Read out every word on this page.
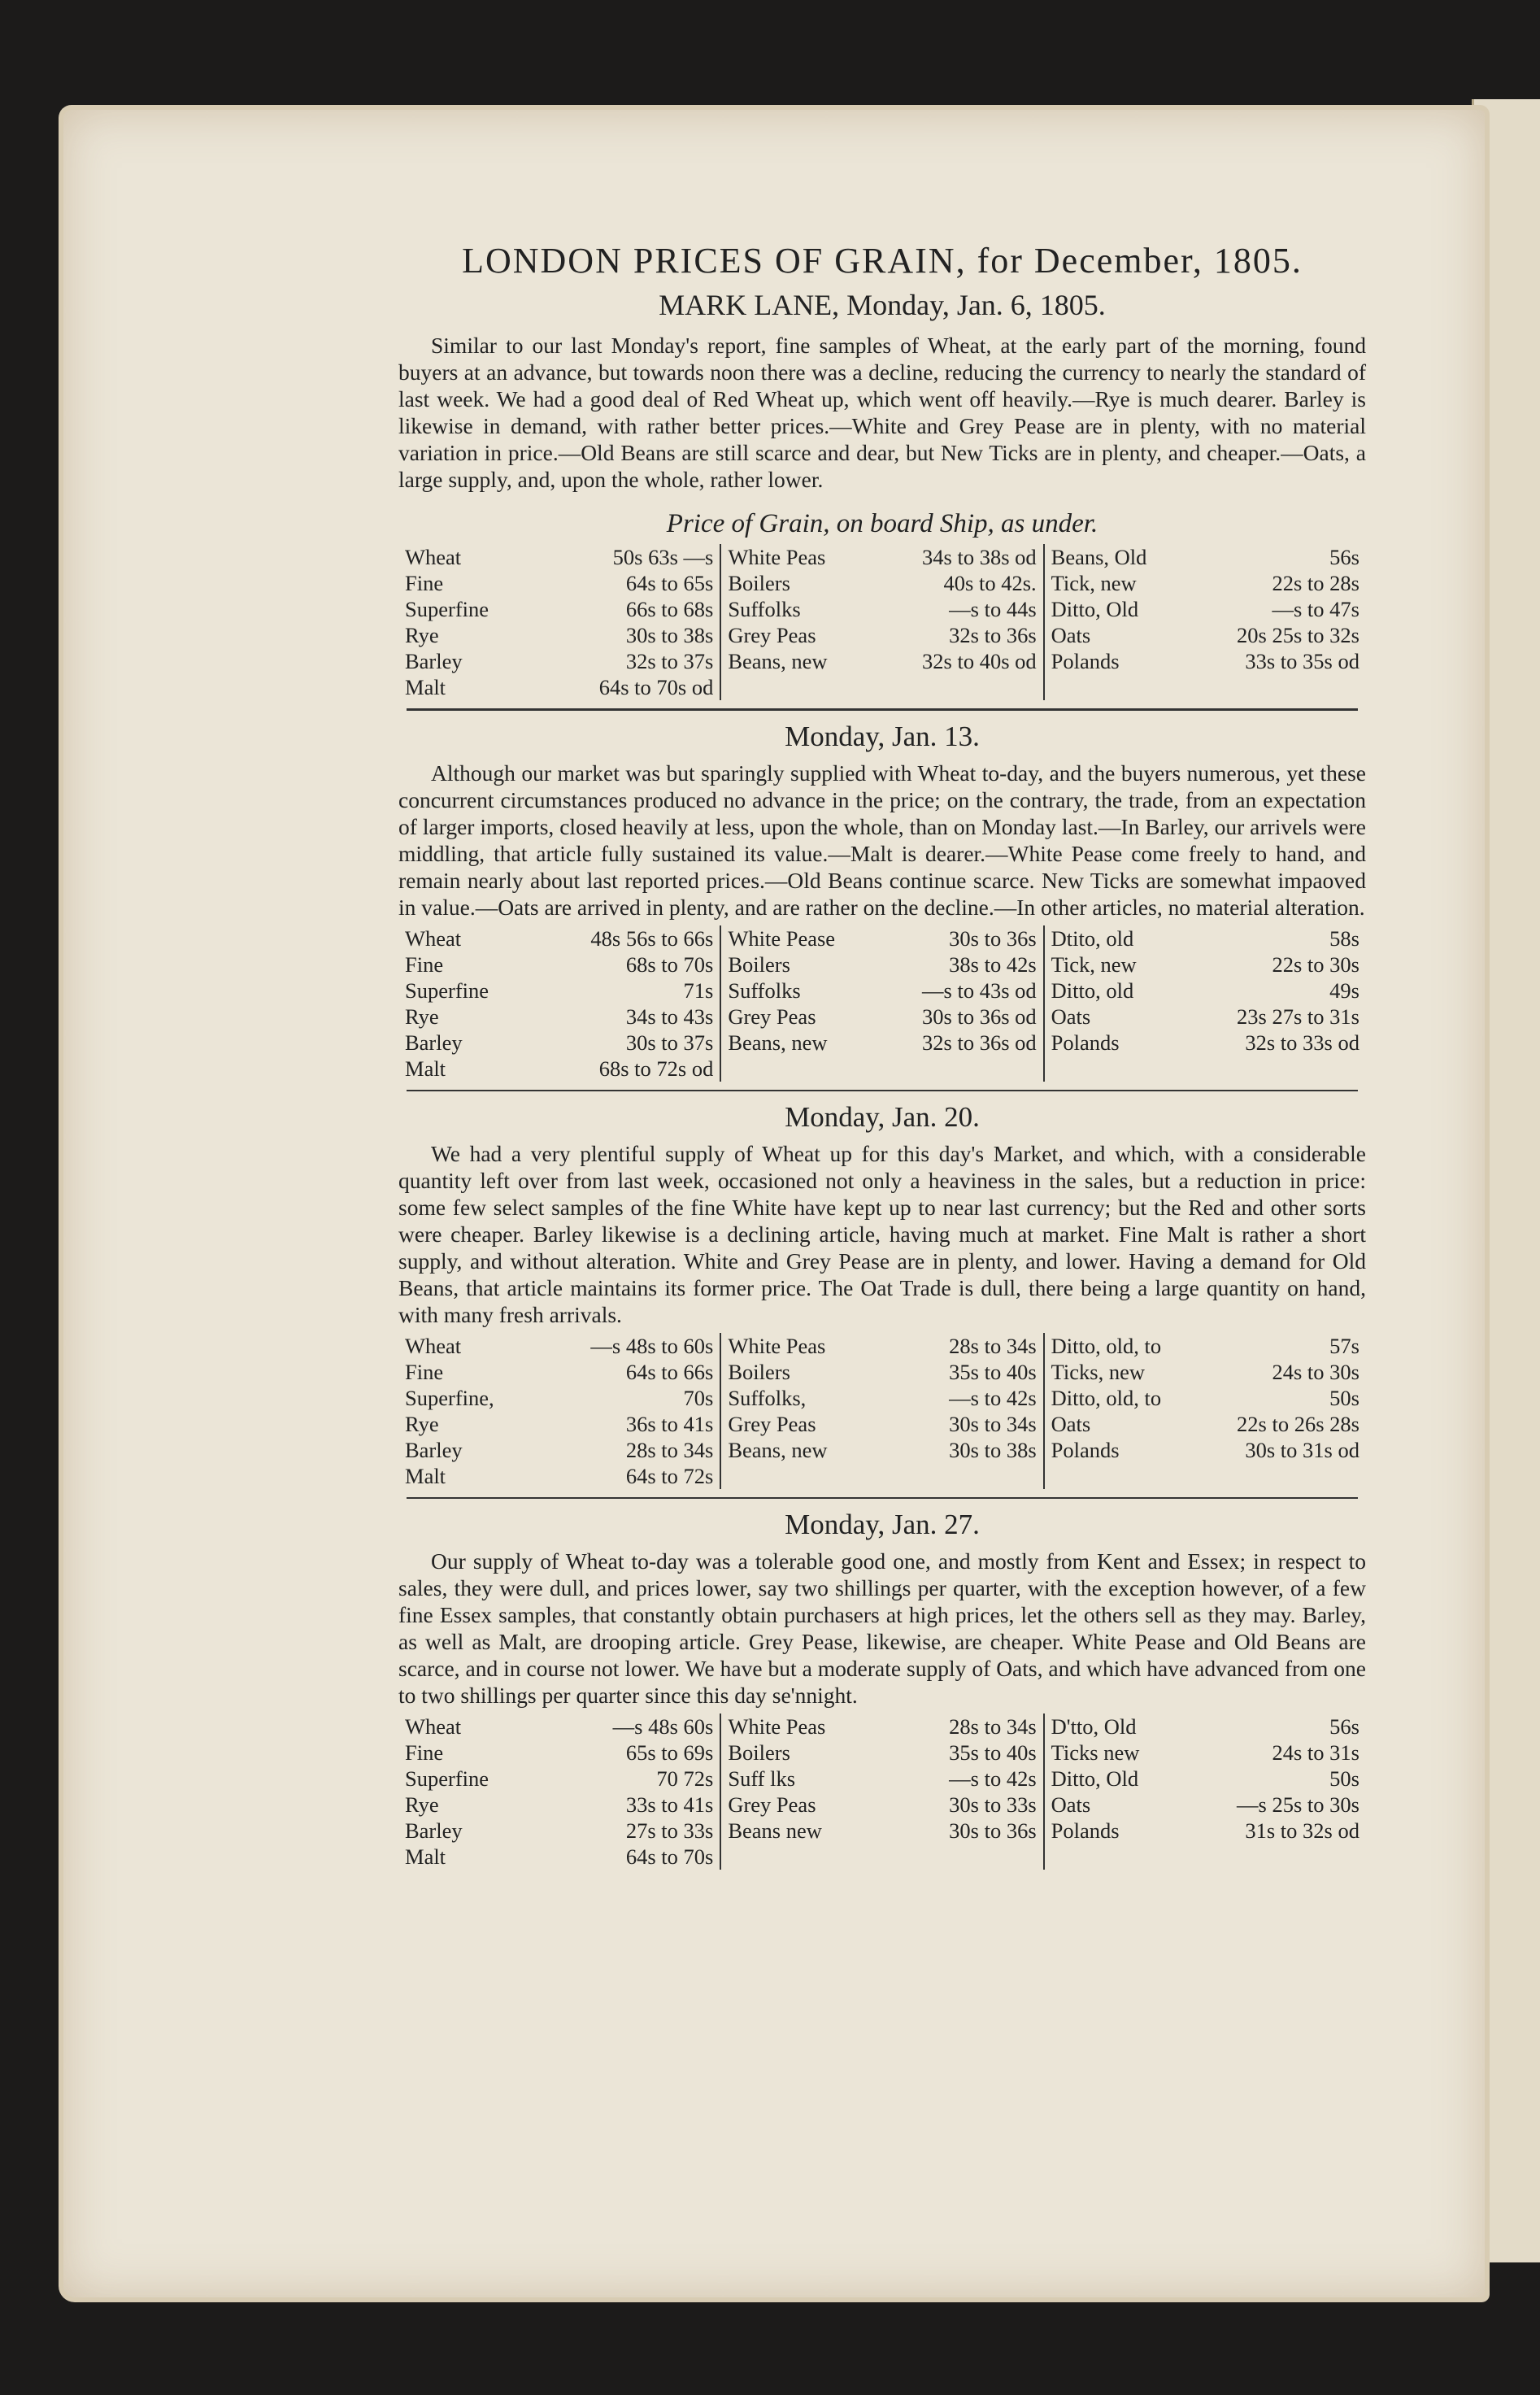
LONDON PRICES OF GRAIN, for December, 1805.
MARK LANE, Monday, Jan. 6, 1805.

Similar to our last Monday's report, fine samples of Wheat, at the early part of the morning, found buyers at an advance, but towards noon there was a decline, reducing the currency to nearly the standard of last week. We had a good deal of Red Wheat up, which went off heavily.—Rye is much dearer. Barley is likewise in demand, with rather better prices.—White and Grey Pease are in plenty, with no material variation in price.—Old Beans are still scarce and dear, but New Ticks are in plenty, and cheaper.—Oats, a large supply, and, upon the whole, rather lower.

Price of Grain, on board Ship, as under.
Wheat	50s 63s —s
Fine	64s to 65s
Superfine	66s to 68s
Rye	30s to 38s
Barley	32s to 37s
Malt	64s to 70s od
White Peas	34s to 38s od
Boilers	40s to 42s.
Suffolks	—s to 44s
Grey Peas	32s to 36s
Beans, new	32s to 40s od
Beans, Old	56s
Tick, new	22s to 28s
Ditto, Old	—s to 47s
Oats	20s 25s to 32s
Polands	33s to 35s od
Monday, Jan. 13.

Although our market was but sparingly supplied with Wheat to-day, and the buyers numerous, yet these concurrent circumstances produced no advance in the price; on the contrary, the trade, from an expectation of larger imports, closed heavily at less, upon the whole, than on Monday last.—In Barley, our arrivels were middling, that article fully sustained its value.—Malt is dearer.—White Pease come freely to hand, and remain nearly about last reported prices.—Old Beans continue scarce. New Ticks are somewhat impaoved in value.—Oats are arrived in plenty, and are rather on the decline.—In other articles, no material alteration.

Wheat	48s 56s to 66s
Fine	68s to 70s
Superfine	71s
Rye	34s to 43s
Barley	30s to 37s
Malt	68s to 72s od
White Pease	30s to 36s
Boilers	38s to 42s
Suffolks	—s to 43s od
Grey Peas	30s to 36s od
Beans, new	32s to 36s od
Dtito, old	58s
Tick, new	22s to 30s
Ditto, old	49s
Oats	23s 27s to 31s
Polands	32s to 33s od
Monday, Jan. 20.

We had a very plentiful supply of Wheat up for this day's Market, and which, with a considerable quantity left over from last week, occasioned not only a heaviness in the sales, but a reduction in price: some few select samples of the fine White have kept up to near last currency; but the Red and other sorts were cheaper. Barley likewise is a declining article, having much at market. Fine Malt is rather a short supply, and without alteration. White and Grey Pease are in plenty, and lower. Having a demand for Old Beans, that article maintains its former price. The Oat Trade is dull, there being a large quantity on hand, with many fresh arrivals.

Wheat	—s 48s to 60s
Fine	64s to 66s
Superfine,	70s
Rye	36s to 41s
Barley	28s to 34s
Malt	64s to 72s
White Peas	28s to 34s
Boilers	35s to 40s
Suffolks,	—s to 42s
Grey Peas	30s to 34s
Beans, new	30s to 38s
Ditto, old, to	57s
Ticks, new	24s to 30s
Ditto, old, to	50s
Oats	22s to 26s 28s
Polands	30s to 31s od
Monday, Jan. 27.

Our supply of Wheat to-day was a tolerable good one, and mostly from Kent and Essex; in respect to sales, they were dull, and prices lower, say two shillings per quarter, with the exception however, of a few fine Essex samples, that constantly obtain purchasers at high prices, let the others sell as they may. Barley, as well as Malt, are drooping article. Grey Pease, likewise, are cheaper. White Pease and Old Beans are scarce, and in course not lower. We have but a moderate supply of Oats, and which have advanced from one to two shillings per quarter since this day se'nnight.

Wheat	—s 48s 60s
Fine	65s to 69s
Superfine	70 72s
Rye	33s to 41s
Barley	27s to 33s
Malt	64s to 70s
White Peas	28s to 34s
Boilers	35s to 40s
Suff lks	—s to 42s
Grey Peas	30s to 33s
Beans new	30s to 36s
D'tto, Old	56s
Ticks new	24s to 31s
Ditto, Old	50s
Oats	—s 25s to 30s
Polands	31s to 32s od
